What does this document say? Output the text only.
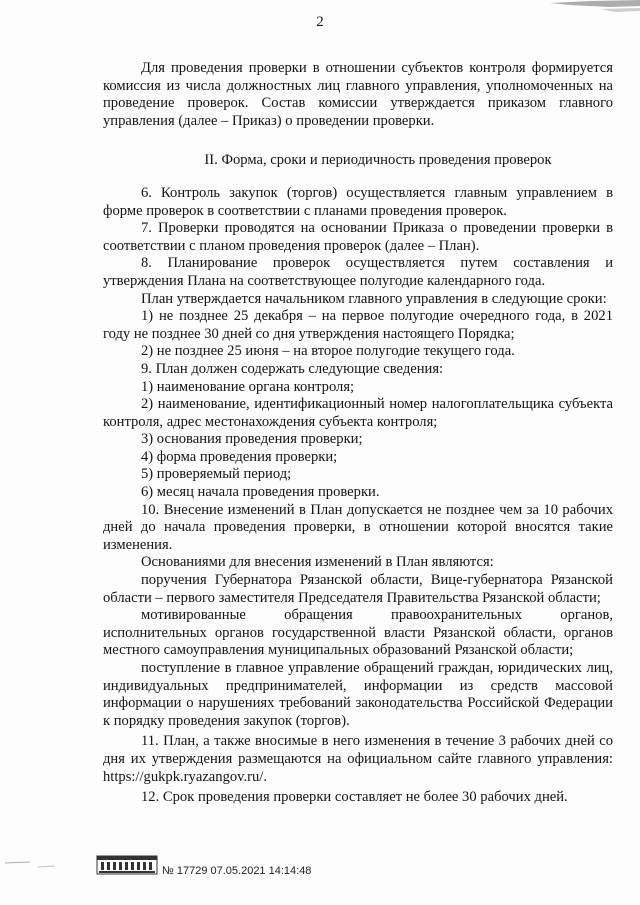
2

Для проведения проверки в отношении субъектов контроля формируется комиссия из числа должностных лиц главного управления, уполномоченных на проведение проверок. Состав комиссии утверждается приказом главного управления (далее – Приказ) о проведении проверки.

II. Форма, сроки и периодичность проведения проверок

6. Контроль закупок (торгов) осуществляется главным управлением в форме проверок в соответствии с планами проведения проверок.

7. Проверки проводятся на основании Приказа о проведении проверки в соответствии с планом проведения проверок (далее – План).

8. Планирование проверок осуществляется путем составления и утверждения Плана на соответствующее полугодие календарного года.

План утверждается начальником главного управления в следующие сроки:

1) не позднее 25 декабря – на первое полугодие очередного года, в 2021 году не позднее 30 дней со дня утверждения настоящего Порядка;

2) не позднее 25 июня – на второе полугодие текущего года.

9. План должен содержать следующие сведения:

1) наименование органа контроля;

2) наименование, идентификационный номер налогоплательщика субъекта контроля, адрес местонахождения субъекта контроля;

3) основания проведения проверки;

4) форма проведения проверки;

5) проверяемый период;

6) месяц начала проведения проверки.

10. Внесение изменений в План допускается не позднее чем за 10 рабочих дней до начала проведения проверки, в отношении которой вносятся такие изменения.

Основаниями для внесения изменений в План являются:

поручения Губернатора Рязанской области, Вице-губернатора Рязанской области – первого заместителя Председателя Правительства Рязанской области;

мотивированные обращения правоохранительных органов, исполнительных органов государственной власти Рязанской области, органов местного самоуправления муниципальных образований Рязанской области;

поступление в главное управление обращений граждан, юридических лиц, индивидуальных предпринимателей, информации из средств массовой информации о нарушениях требований законодательства Российской Федерации к порядку проведения закупок (торгов).

11. План, а также вносимые в него изменения в течение 3 рабочих дней со дня их утверждения размещаются на официальном сайте главного управления: https://gukpk.ryazangov.ru/.

12. Срок проведения проверки составляет не более 30 рабочих дней.

№ 17729 07.05.2021 14:14:48
